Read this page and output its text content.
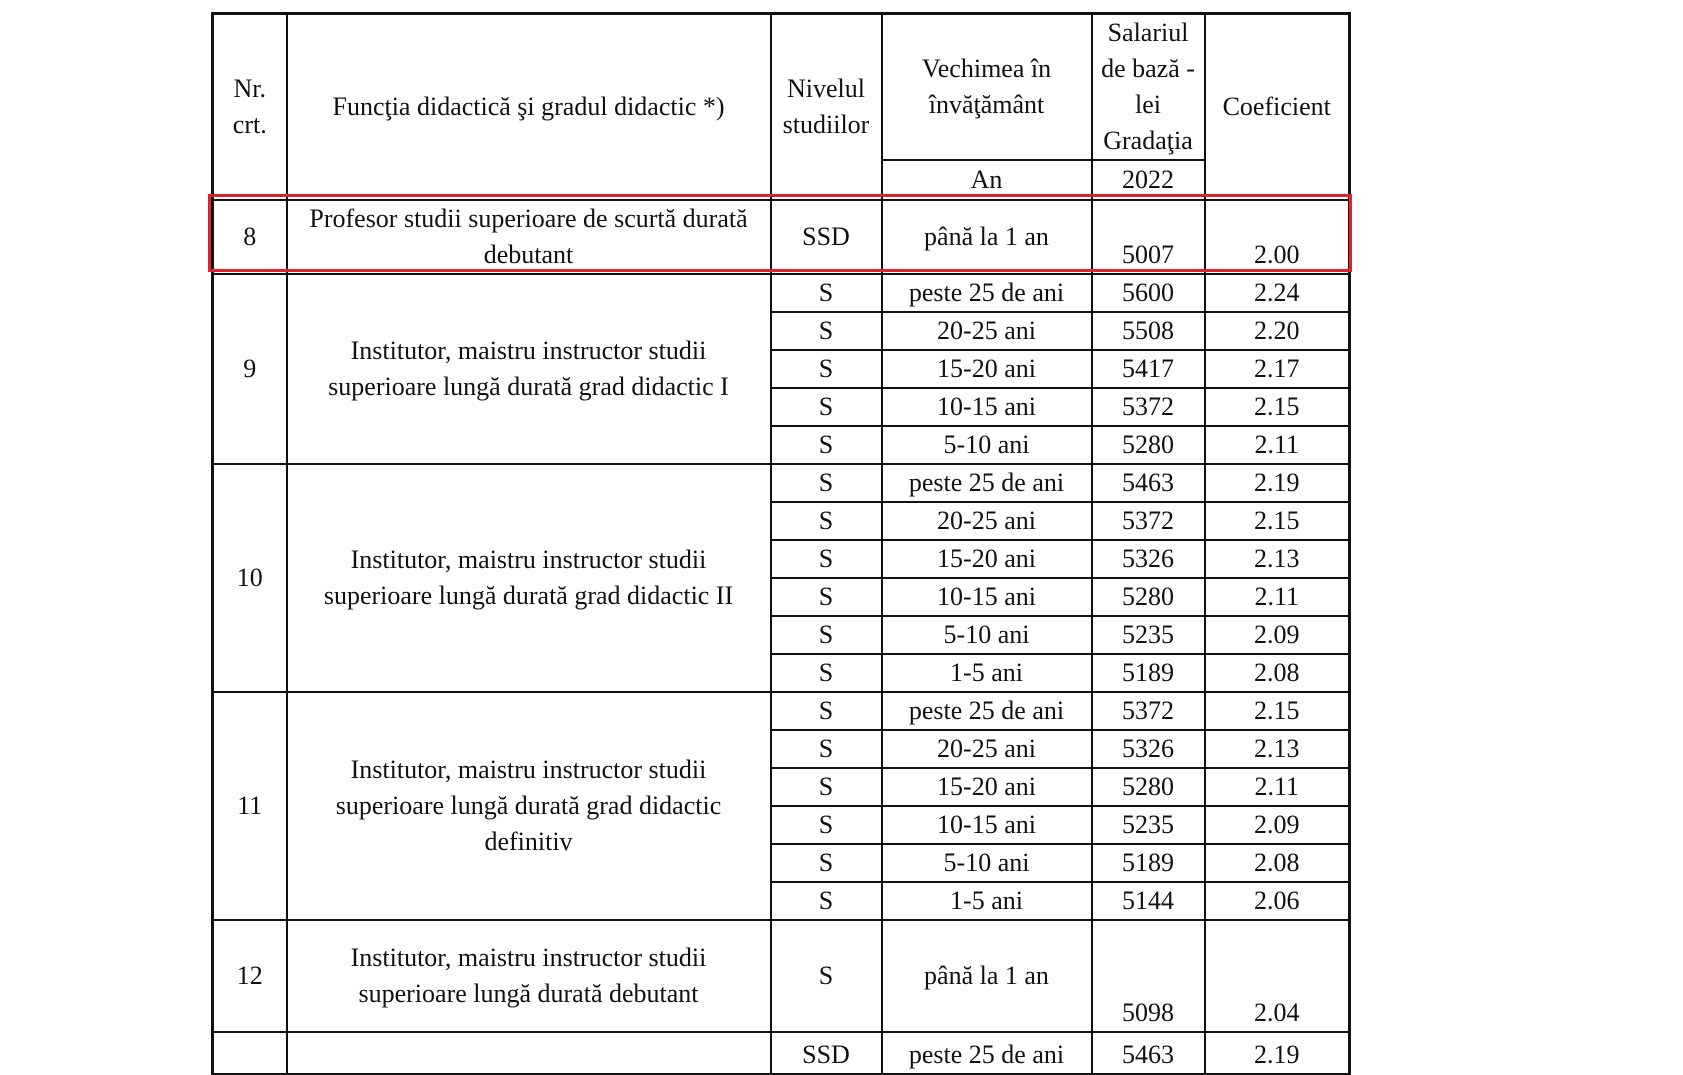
Nr. crt.	Funcţia didactică şi gradul didactic *)	Nivelul studiilor	Vechimea în învăţământ	Salariul de bază - lei Gradaţia	Coeficient
			An	2022	
8	Profesor studii superioare de scurtă durată debutant	SSD	până la 1 an	5007	2.00
9	Institutor, maistru instructor studii superioare lungă durată grad didactic I	S	peste 25 de ani	5600	2.24
		S	20-25 ani	5508	2.20
		S	15-20 ani	5417	2.17
		S	10-15 ani	5372	2.15
		S	5-10 ani	5280	2.11
10	Institutor, maistru instructor studii superioare lungă durată grad didactic II	S	peste 25 de ani	5463	2.19
		S	20-25 ani	5372	2.15
		S	15-20 ani	5326	2.13
		S	10-15 ani	5280	2.11
		S	5-10 ani	5235	2.09
		S	1-5 ani	5189	2.08
11	Institutor, maistru instructor studii superioare lungă durată grad didactic definitiv	S	peste 25 de ani	5372	2.15
		S	20-25 ani	5326	2.13
		S	15-20 ani	5280	2.11
		S	10-15 ani	5235	2.09
		S	5-10 ani	5189	2.08
		S	1-5 ani	5144	2.06
12	Institutor, maistru instructor studii superioare lungă durată debutant	S	până la 1 an	5098	2.04
		SSD	peste 25 de ani	5463	2.19
